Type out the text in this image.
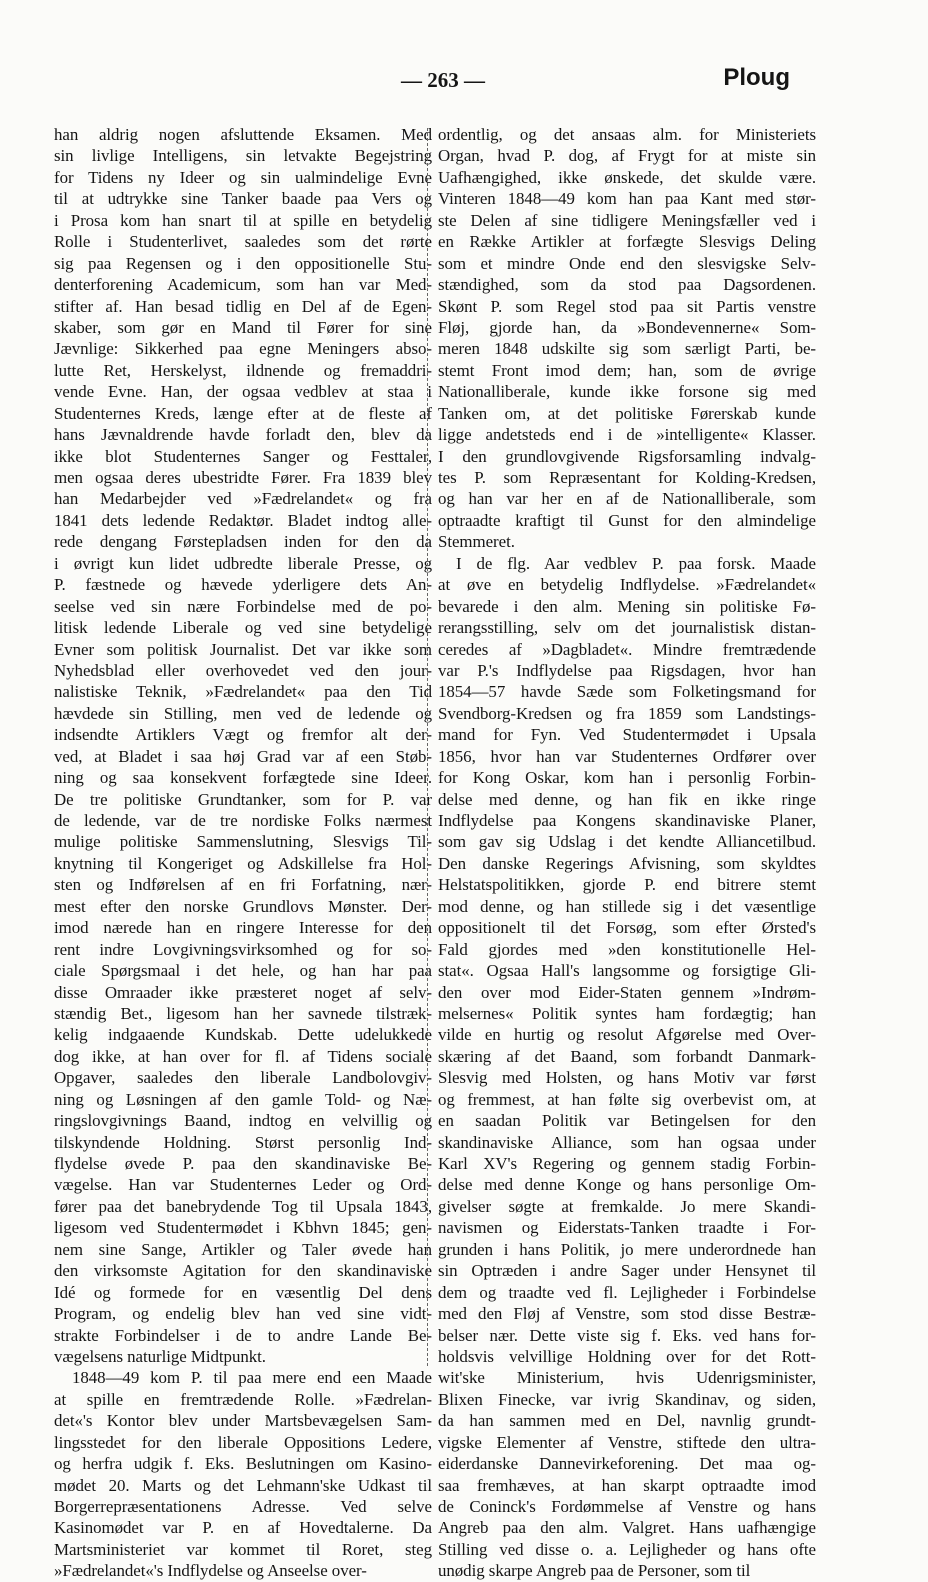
— 263 —	Ploug

han aldrig nogen afsluttende Eksamen. Med
sin livlige Intelligens, sin letvakte Begejstring
for Tidens ny Ideer og sin ualmindelige Evne
til at udtrykke sine Tanker baade paa Vers og
i Prosa kom han snart til at spille en betydelig
Rolle i Studenterlivet, saaledes som det rørte
sig paa Regensen og i den oppositionelle Stu-
denterforening Academicum, som han var Med-
stifter af. Han besad tidlig en Del af de Egen-
skaber, som gør en Mand til Fører for sine
Jævnlige: Sikkerhed paa egne Meningers abso-
lutte Ret, Herskelyst, ildnende og fremaddri-
vende Evne. Han, der ogsaa vedblev at staa i
Studenternes Kreds, længe efter at de fleste af
hans Jævnaldrende havde forladt den, blev da
ikke blot Studenternes Sanger og Festtaler,
men ogsaa deres ubestridte Fører. Fra 1839 blev
han Medarbejder ved »Fædrelandet« og fra
1841 dets ledende Redaktør. Bladet indtog alle-
rede dengang Førstepladsen inden for den da
i øvrigt kun lidet udbredte liberale Presse, og
P. fæstnede og hævede yderligere dets An-
seelse ved sin nære Forbindelse med de po-
litisk ledende Liberale og ved sine betydelige
Evner som politisk Journalist. Det var ikke som
Nyhedsblad eller overhovedet ved den jour-
nalistiske Teknik, »Fædrelandet« paa den Tid
hævdede sin Stilling, men ved de ledende og
indsendte Artiklers Vægt og fremfor alt der-
ved, at Bladet i saa høj Grad var af een Støb-
ning og saa konsekvent forfægtede sine Ideer.
De tre politiske Grundtanker, som for P. var
de ledende, var de tre nordiske Folks nærmest
mulige politiske Sammenslutning, Slesvigs Til-
knytning til Kongeriget og Adskillelse fra Hol-
sten og Indførelsen af en fri Forfatning, nær-
mest efter den norske Grundlovs Mønster. Der-
imod nærede han en ringere Interesse for den
rent indre Lovgivningsvirksomhed og for so-
ciale Spørgsmaal i det hele, og han har paa
disse Omraader ikke præsteret noget af selv-
stændig Bet., ligesom han her savnede tilstræk-
kelig indgaaende Kundskab. Dette udelukkede
dog ikke, at han over for fl. af Tidens sociale
Opgaver, saaledes den liberale Landbolovgiv-
ning og Løsningen af den gamle Told- og Næ-
ringslovgivnings Baand, indtog en velvillig og
tilskyndende Holdning. Størst personlig Ind-
flydelse øvede P. paa den skandinaviske Be-
vægelse. Han var Studenternes Leder og Ord-
fører paa det banebrydende Tog til Upsala 1843,
ligesom ved Studentermødet i Kbhvn 1845; gen-
nem sine Sange, Artikler og Taler øvede han
den virksomste Agitation for den skandinaviske
Idé og formede for en væsentlig Del dens
Program, og endelig blev han ved sine vidt-
strakte Forbindelser i de to andre Lande Be-
vægelsens naturlige Midtpunkt.

1848—49 kom P. til paa mere end een Maade
at spille en fremtrædende Rolle. »Fædrelan-
det«'s Kontor blev under Martsbevægelsen Sam-
lingsstedet for den liberale Oppositions Ledere,
og herfra udgik f. Eks. Beslutningen om Kasino-
mødet 20. Marts og det Lehmann'ske Udkast til
Borgerrepræsentationens Adresse. Ved selve
Kasinomødet var P. en af Hovedtalerne. Da
Martsministeriet var kommet til Roret, steg
»Fædrelandet«'s Indflydelse og Anseelse over-

ordentlig, og det ansaas alm. for Ministeriets
Organ, hvad P. dog, af Frygt for at miste sin
Uafhængighed, ikke ønskede, det skulde være.
Vinteren 1848—49 kom han paa Kant med stør-
ste Delen af sine tidligere Meningsfæller ved i
en Række Artikler at forfægte Slesvigs Deling
som et mindre Onde end den slesvigske Selv-
stændighed, som da stod paa Dagsordenen.
Skønt P. som Regel stod paa sit Partis venstre
Fløj, gjorde han, da »Bondevennerne« Som-
meren 1848 udskilte sig som særligt Parti, be-
stemt Front imod dem; han, som de øvrige
Nationalliberale, kunde ikke forsone sig med
Tanken om, at det politiske Førerskab kunde
ligge andetsteds end i de »intelligente« Klasser.
I den grundlovgivende Rigsforsamling indvalg-
tes P. som Repræsentant for Kolding-Kredsen,
og han var her en af de Nationalliberale, som
optraadte kraftigt til Gunst for den almindelige
Stemmeret.

I de flg. Aar vedblev P. paa forsk. Maade
at øve en betydelig Indflydelse. »Fædrelandet«
bevarede i den alm. Mening sin politiske Fø-
rerangsstilling, selv om det journalistisk distan-
ceredes af »Dagbladet«. Mindre fremtrædende
var P.'s Indflydelse paa Rigsdagen, hvor han
1854—57 havde Sæde som Folketingsmand for
Svendborg-Kredsen og fra 1859 som Landstings-
mand for Fyn. Ved Studentermødet i Upsala
1856, hvor han var Studenternes Ordfører over
for Kong Oskar, kom han i personlig Forbin-
delse med denne, og han fik en ikke ringe
Indflydelse paa Kongens skandinaviske Planer,
som gav sig Udslag i det kendte Alliancetilbud.
Den danske Regerings Afvisning, som skyldtes
Helstatspolitikken, gjorde P. end bitrere stemt
mod denne, og han stillede sig i det væsentlige
oppositionelt til det Forsøg, som efter Ørsted's
Fald gjordes med »den konstitutionelle Hel-
stat«. Ogsaa Hall's langsomme og forsigtige Gli-
den over mod Eider-Staten gennem »Indrøm-
melsernes« Politik syntes ham fordægtig; han
vilde en hurtig og resolut Afgørelse med Over-
skæring af det Baand, som forbandt Danmark-
Slesvig med Holsten, og hans Motiv var først
og fremmest, at han følte sig overbevist om, at
en saadan Politik var Betingelsen for den
skandinaviske Alliance, som han ogsaa under
Karl XV's Regering og gennem stadig Forbin-
delse med denne Konge og hans personlige Om-
givelser søgte at fremkalde. Jo mere Skandi-
navismen og Eiderstats-Tanken traadte i For-
grunden i hans Politik, jo mere underordnede han
sin Optræden i andre Sager under Hensynet til
dem og traadte ved fl. Lejligheder i Forbindelse
med den Fløj af Venstre, som stod disse Bestræ-
belser nær. Dette viste sig f. Eks. ved hans for-
holdsvis velvillige Holdning over for det Rott-
wit'ske Ministerium, hvis Udenrigsminister,
Blixen Finecke, var ivrig Skandinav, og siden,
da han sammen med en Del, navnlig grundt-
vigske Elementer af Venstre, stiftede den ultra-
eiderdanske Dannevirkeforening. Det maa og-
saa fremhæves, at han skarpt optraadte imod
de Coninck's Fordømmelse af Venstre og hans
Angreb paa den alm. Valgret. Hans uafhængige
Stilling ved disse o. a. Lejligheder og hans ofte
unødig skarpe Angreb paa de Personer, som til
